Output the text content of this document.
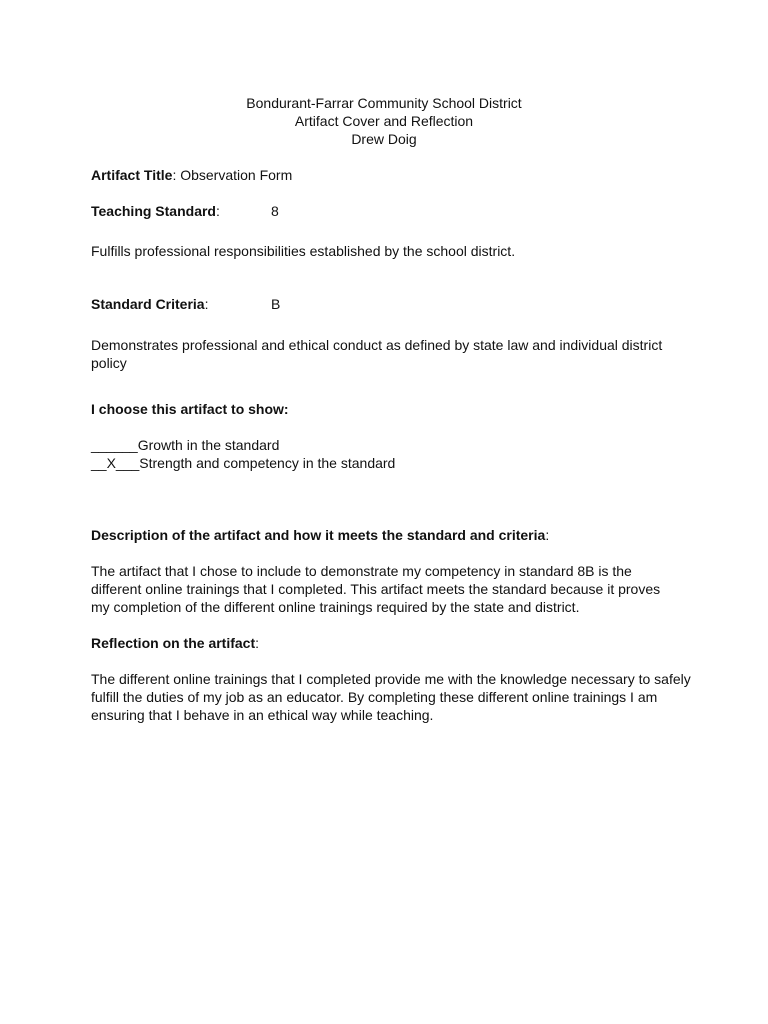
Bondurant-Farrar Community School District
Artifact Cover and Reflection
Drew Doig

Artifact Title: Observation Form

Teaching Standard:	8

Fulfills professional responsibilities established by the school district.

Standard Criteria:	B

Demonstrates professional and ethical conduct as defined by state law and individual district policy

I choose this artifact to show:

______Growth in the standard

__X___Strength and competency in the standard

Description of the artifact and how it meets the standard and criteria:

The artifact that I chose to include to demonstrate my competency in standard 8B is the different online trainings that I completed. This artifact meets the standard because it proves my completion of the different online trainings required by the state and district.

Reflection on the artifact:

The different online trainings that I completed provide me with the knowledge necessary to safely fulfill the duties of my job as an educator. By completing these different online trainings I am ensuring that I behave in an ethical way while teaching.
